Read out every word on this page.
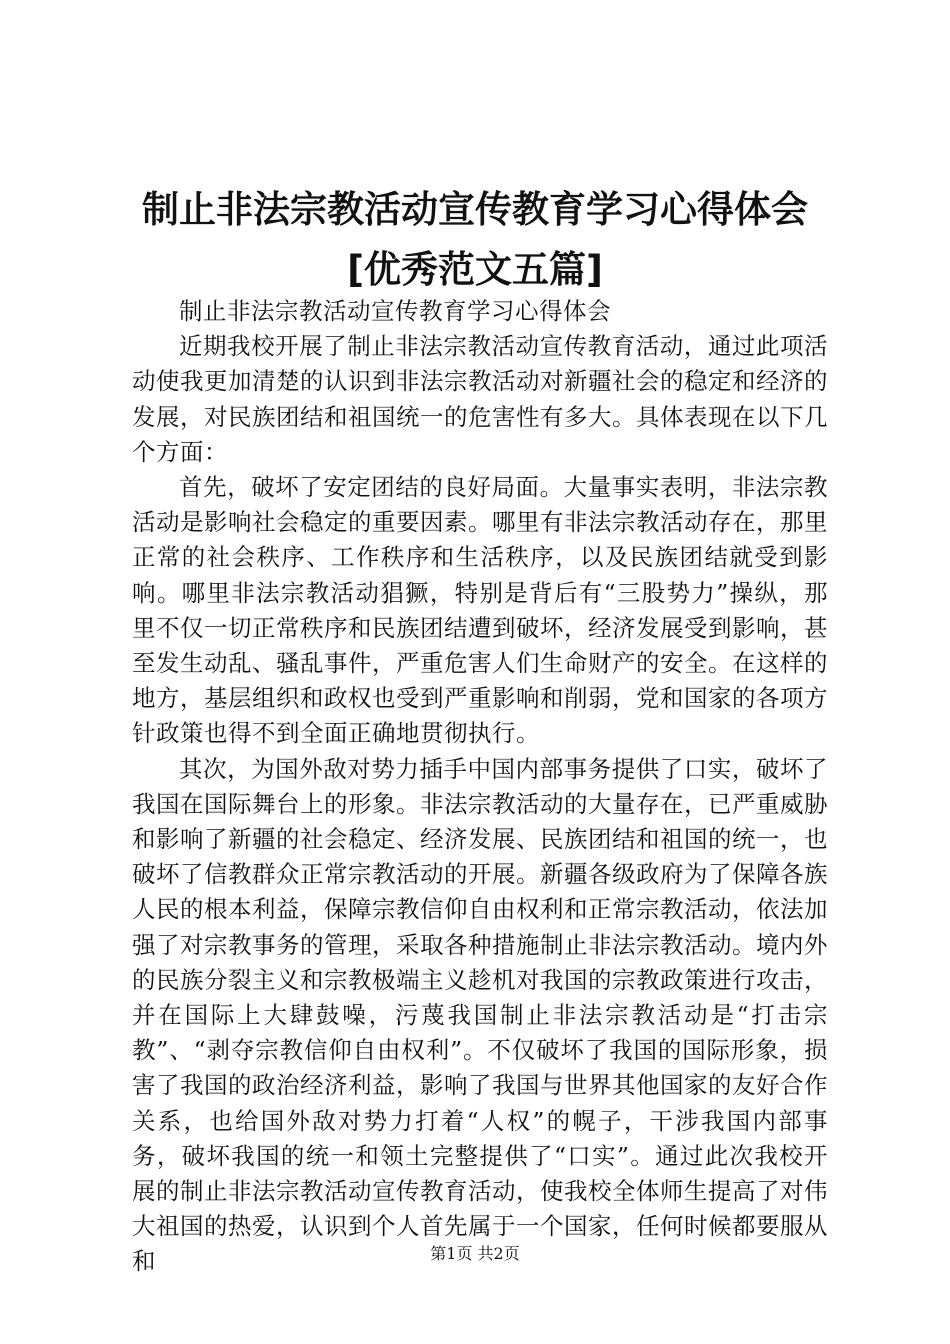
制止非法宗教活动宣传教育学习心得体会[优秀范文五篇]

制止非法宗教活动宣传教育学习心得体会

近期我校开展了制止非法宗教活动宣传教育活动，通过此项活动使我更加清楚的认识到非法宗教活动对新疆社会的稳定和经济的发展，对民族团结和祖国统一的危害性有多大。具体表现在以下几个方面：

首先，破坏了安定团结的良好局面。大量事实表明，非法宗教活动是影响社会稳定的重要因素。哪里有非法宗教活动存在，那里正常的社会秩序、工作秩序和生活秩序，以及民族团结就受到影响。哪里非法宗教活动猖獗，特别是背后有“三股势力”操纵，那里不仅一切正常秩序和民族团结遭到破坏，经济发展受到影响，甚至发生动乱、骚乱事件，严重危害人们生命财产的安全。在这样的地方，基层组织和政权也受到严重影响和削弱，党和国家的各项方针政策也得不到全面正确地贯彻执行。

其次，为国外敌对势力插手中国内部事务提供了口实，破坏了我国在国际舞台上的形象。非法宗教活动的大量存在，已严重威胁和影响了新疆的社会稳定、经济发展、民族团结和祖国的统一，也破坏了信教群众正常宗教活动的开展。新疆各级政府为了保障各族人民的根本利益，保障宗教信仰自由权利和正常宗教活动，依法加强了对宗教事务的管理，采取各种措施制止非法宗教活动。境内外的民族分裂主义和宗教极端主义趁机对我国的宗教政策进行攻击，并在国际上大肆鼓噪，污蔑我国制止非法宗教活动是“打击宗教”、“剥夺宗教信仰自由权利”。不仅破坏了我国的国际形象，损害了我国的政治经济利益，影响了我国与世界其他国家的友好合作关系，也给国外敌对势力打着“人权”的幌子，干涉我国内部事务，破坏我国的统一和领土完整提供了“口实”。通过此次我校开展的制止非法宗教活动宣传教育活动，使我校全体师生提高了对伟大祖国的热爱，认识到个人首先属于一个国家，任何时候都要服从和	第1页 共2页
